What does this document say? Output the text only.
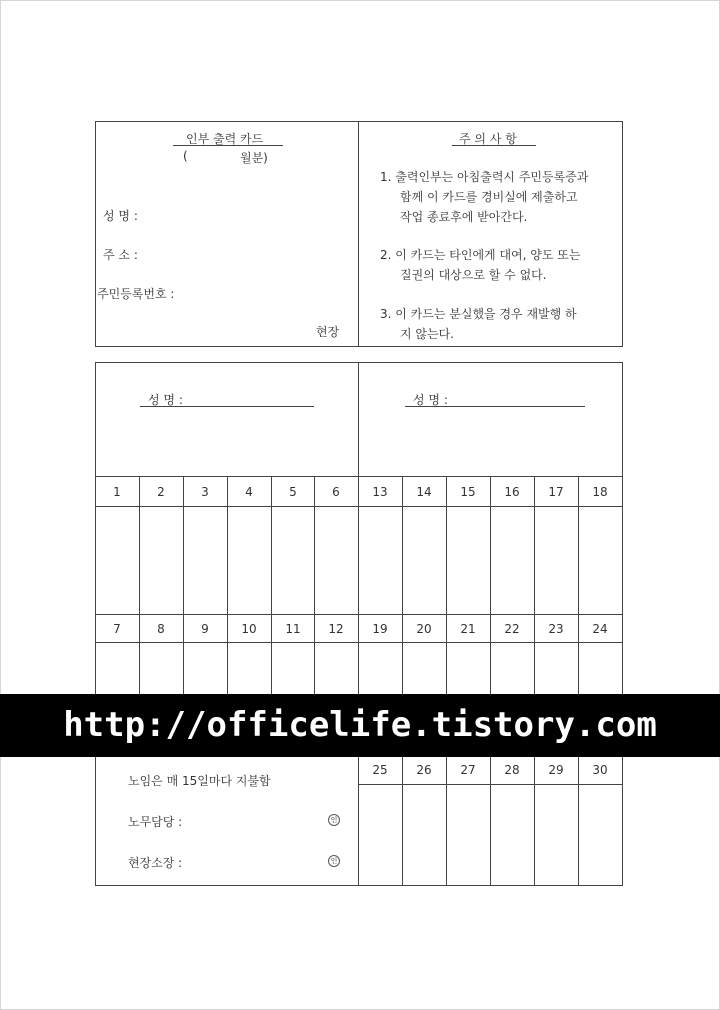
인부 출력 카드
(	월분)
성 명 :
주 소 :
주민등록번호 :
현장
주 의 사 항
1. 출력인부는 아침출력시 주민등록증과
함께 이 카드를 경비실에 제출하고
작업 종료후에 받아간다.
2. 이 카드는 타인에게 대여, 양도 또는
질권의 대상으로 할 수 없다.
3. 이 카드는 분실했을 경우 재발행 하
지 않는다.
성 명 :	성 명 :
1	2	3	4	5	6	13	14	15	16	17	18
7	8	9	10	11	12	19	20	21	22	23	24
25	26	27	28	29	30
노임은 매 15일마다 지불함
노무담당 :	인
현장소장 :	인
http://officelife.tistory.com
